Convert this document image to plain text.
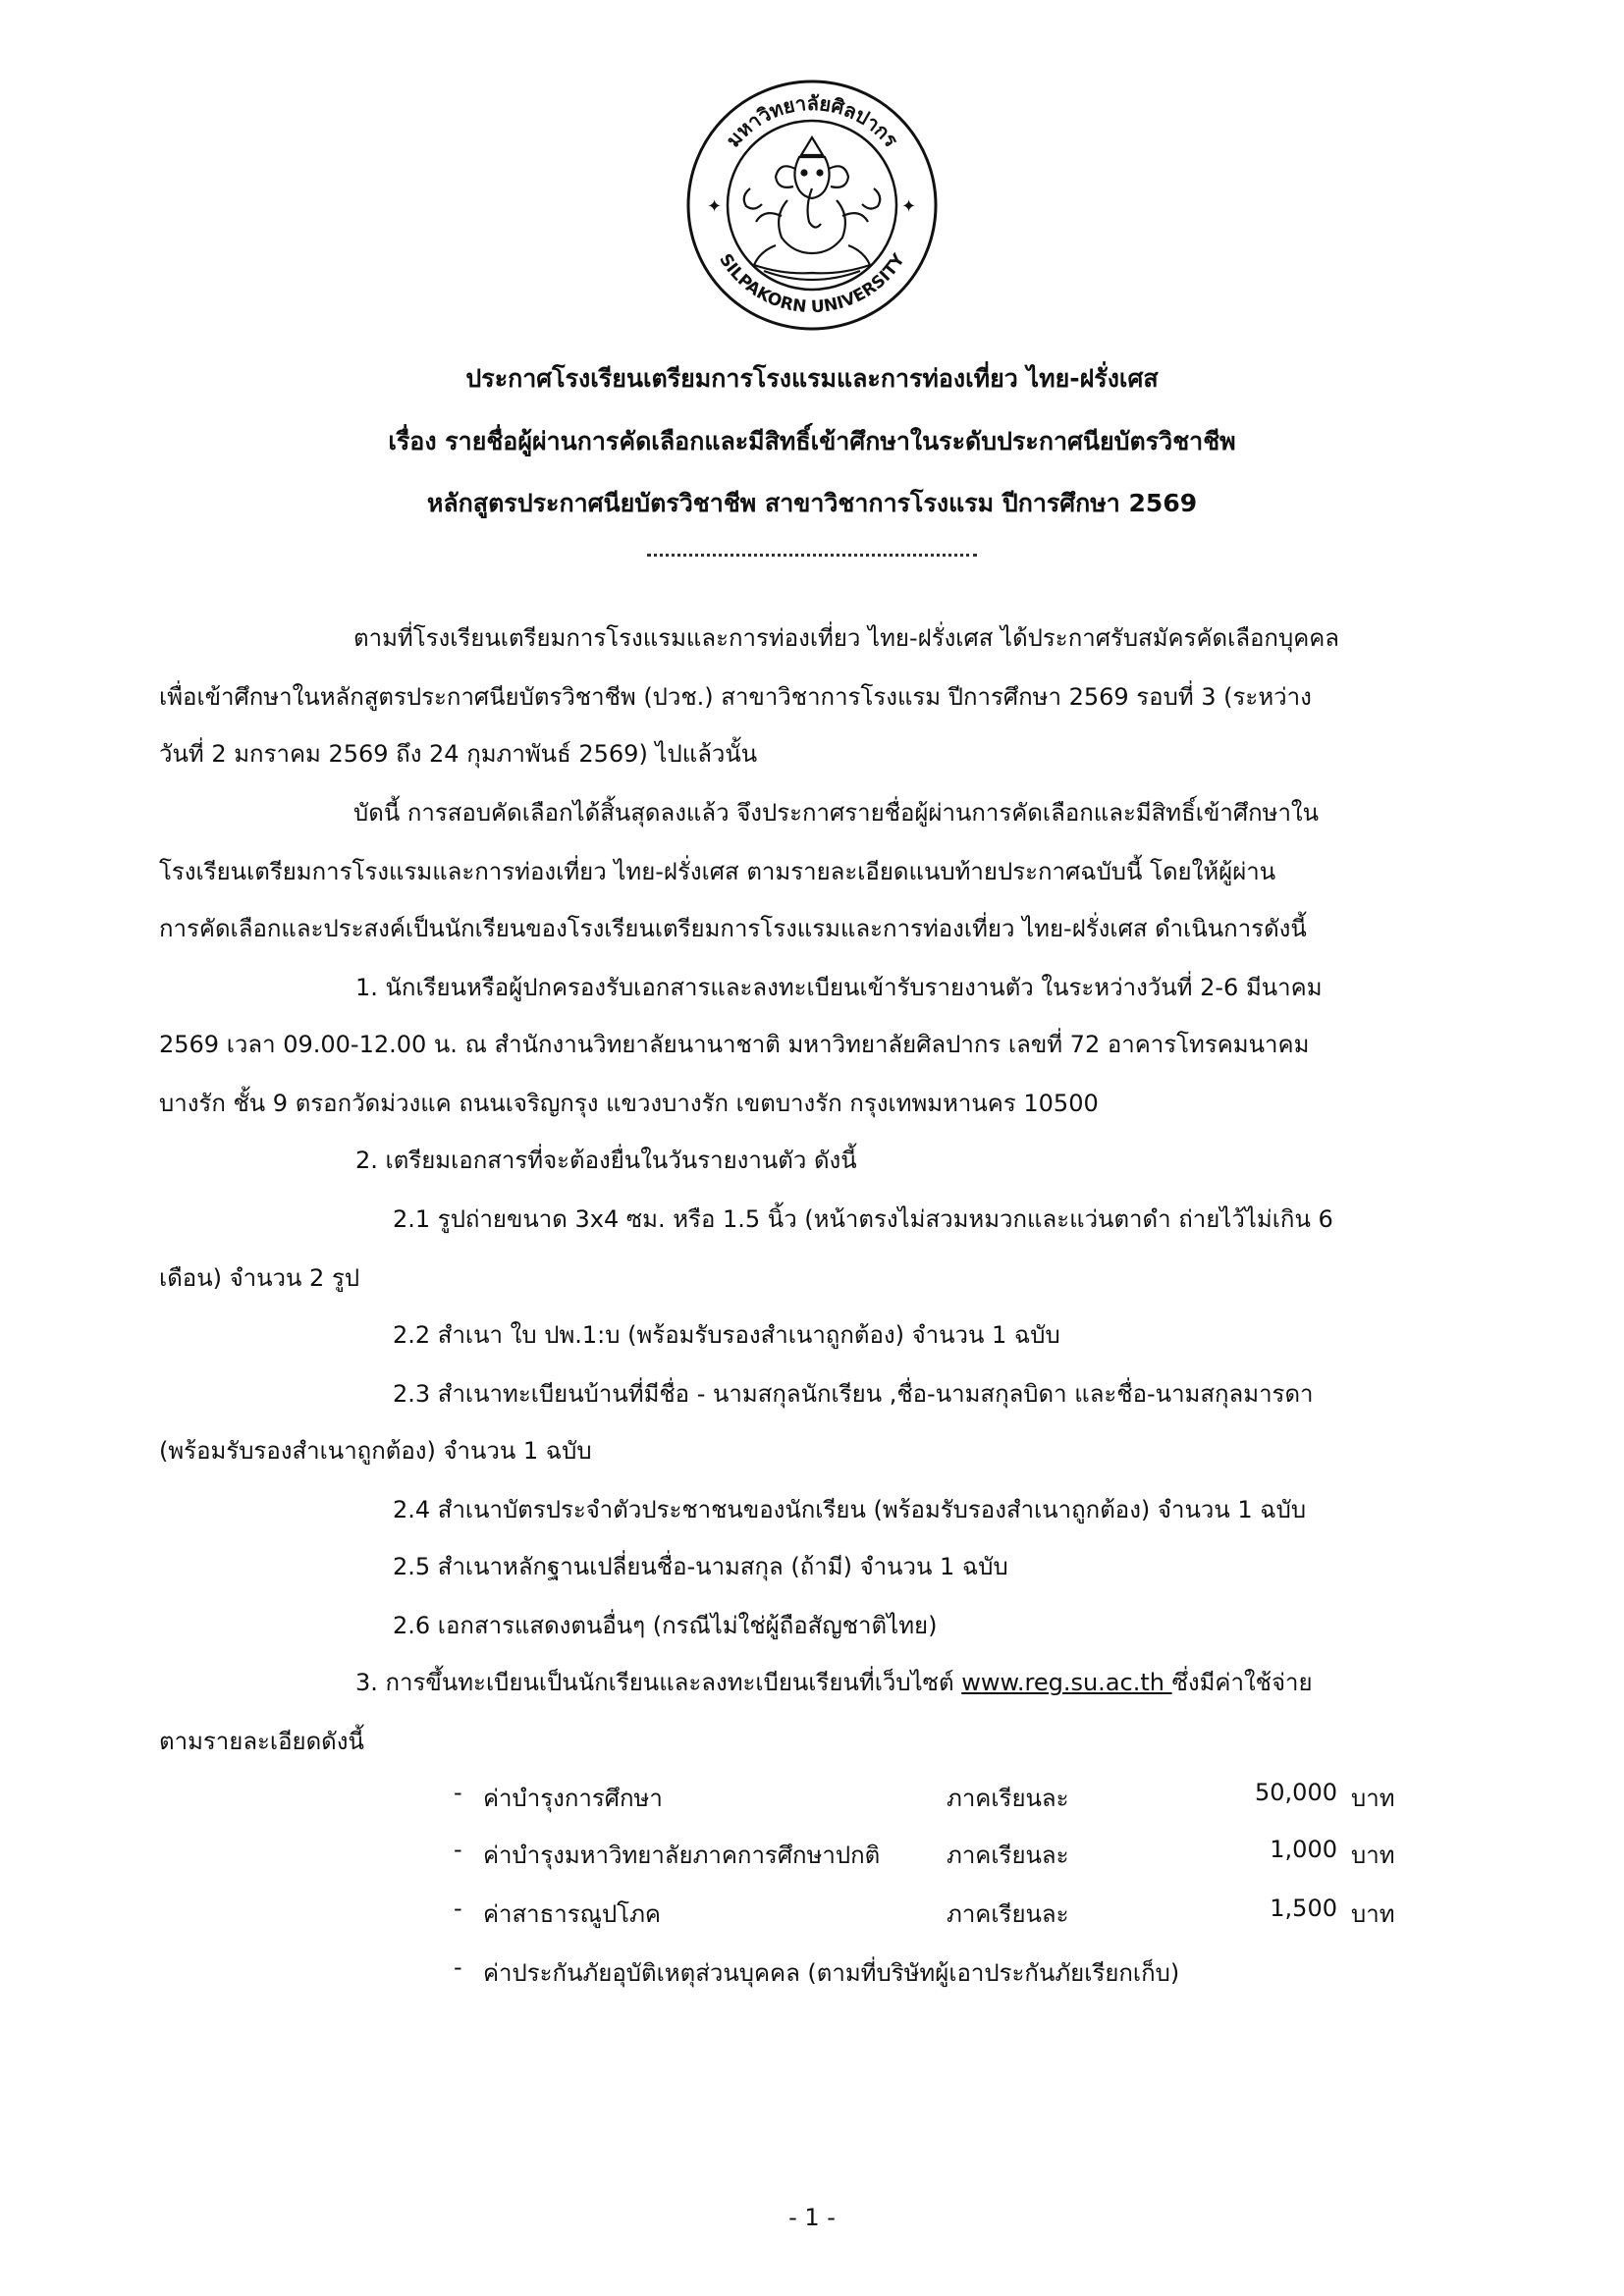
มหาวิทยาลัยศิลปากร
SILPAKORN UNIVERSITY
✦	✦
ประกาศโรงเรียนเตรียมการโรงแรมและการท่องเที่ยว ไทย-ฝรั่งเศส
เรื่อง รายชื่อผู้ผ่านการคัดเลือกและมีสิทธิ์เข้าศึกษาในระดับประกาศนียบัตรวิชาชีพ
หลักสูตรประกาศนียบัตรวิชาชีพ สาขาวิชาการโรงแรม ปีการศึกษา 2569
ตามที่โรงเรียนเตรียมการโรงแรมและการท่องเที่ยว ไทย-ฝรั่งเศส ได้ประกาศรับสมัครคัดเลือกบุคคล
เพื่อเข้าศึกษาในหลักสูตรประกาศนียบัตรวิชาชีพ (ปวช.) สาขาวิชาการโรงแรม ปีการศึกษา 2569 รอบที่ 3 (ระหว่าง
วันที่ 2 มกราคม 2569 ถึง 24 กุมภาพันธ์ 2569) ไปแล้วนั้น
บัดนี้ การสอบคัดเลือกได้สิ้นสุดลงแล้ว จึงประกาศรายชื่อผู้ผ่านการคัดเลือกและมีสิทธิ์เข้าศึกษาใน
โรงเรียนเตรียมการโรงแรมและการท่องเที่ยว ไทย-ฝรั่งเศส ตามรายละเอียดแนบท้ายประกาศฉบับนี้ โดยให้ผู้ผ่าน
การคัดเลือกและประสงค์เป็นนักเรียนของโรงเรียนเตรียมการโรงแรมและการท่องเที่ยว ไทย-ฝรั่งเศส ดำเนินการดังนี้
1. นักเรียนหรือผู้ปกครองรับเอกสารและลงทะเบียนเข้ารับรายงานตัว ในระหว่างวันที่ 2-6 มีนาคม
2569 เวลา 09.00-12.00 น. ณ สำนักงานวิทยาลัยนานาชาติ มหาวิทยาลัยศิลปากร เลขที่ 72 อาคารโทรคมนาคม
บางรัก ชั้น 9 ตรอกวัดม่วงแค ถนนเจริญกรุง แขวงบางรัก เขตบางรัก กรุงเทพมหานคร 10500
2. เตรียมเอกสารที่จะต้องยื่นในวันรายงานตัว ดังนี้
2.1 รูปถ่ายขนาด 3x4 ซม. หรือ 1.5 นิ้ว (หน้าตรงไม่สวมหมวกและแว่นตาดำ ถ่ายไว้ไม่เกิน 6
เดือน) จำนวน 2 รูป
2.2 สำเนา ใบ ปพ.1:บ (พร้อมรับรองสำเนาถูกต้อง) จำนวน 1 ฉบับ
2.3 สำเนาทะเบียนบ้านที่มีชื่อ - นามสกุลนักเรียน ,ชื่อ-นามสกุลบิดา และชื่อ-นามสกุลมารดา
(พร้อมรับรองสำเนาถูกต้อง) จำนวน 1 ฉบับ
2.4 สำเนาบัตรประจำตัวประชาชนของนักเรียน (พร้อมรับรองสำเนาถูกต้อง) จำนวน 1 ฉบับ
2.5 สำเนาหลักฐานเปลี่ยนชื่อ-นามสกุล (ถ้ามี) จำนวน 1 ฉบับ
2.6 เอกสารแสดงตนอื่นๆ (กรณีไม่ใช่ผู้ถือสัญชาติไทย)
3. การขึ้นทะเบียนเป็นนักเรียนและลงทะเบียนเรียนที่เว็บไซต์ www.reg.su.ac.th ซึ่งมีค่าใช้จ่าย
ตามรายละเอียดดังนี้
- ค่าบำรุงการศึกษา	ภาคเรียนละ	50,000 บาท
- ค่าบำรุงมหาวิทยาลัยภาคการศึกษาปกติ	ภาคเรียนละ	1,000 บาท
- ค่าสาธารณูปโภค	ภาคเรียนละ	1,500 บาท
- ค่าประกันภัยอุบัติเหตุส่วนบุคคล (ตามที่บริษัทผู้เอาประกันภัยเรียกเก็บ)
- 1 -
